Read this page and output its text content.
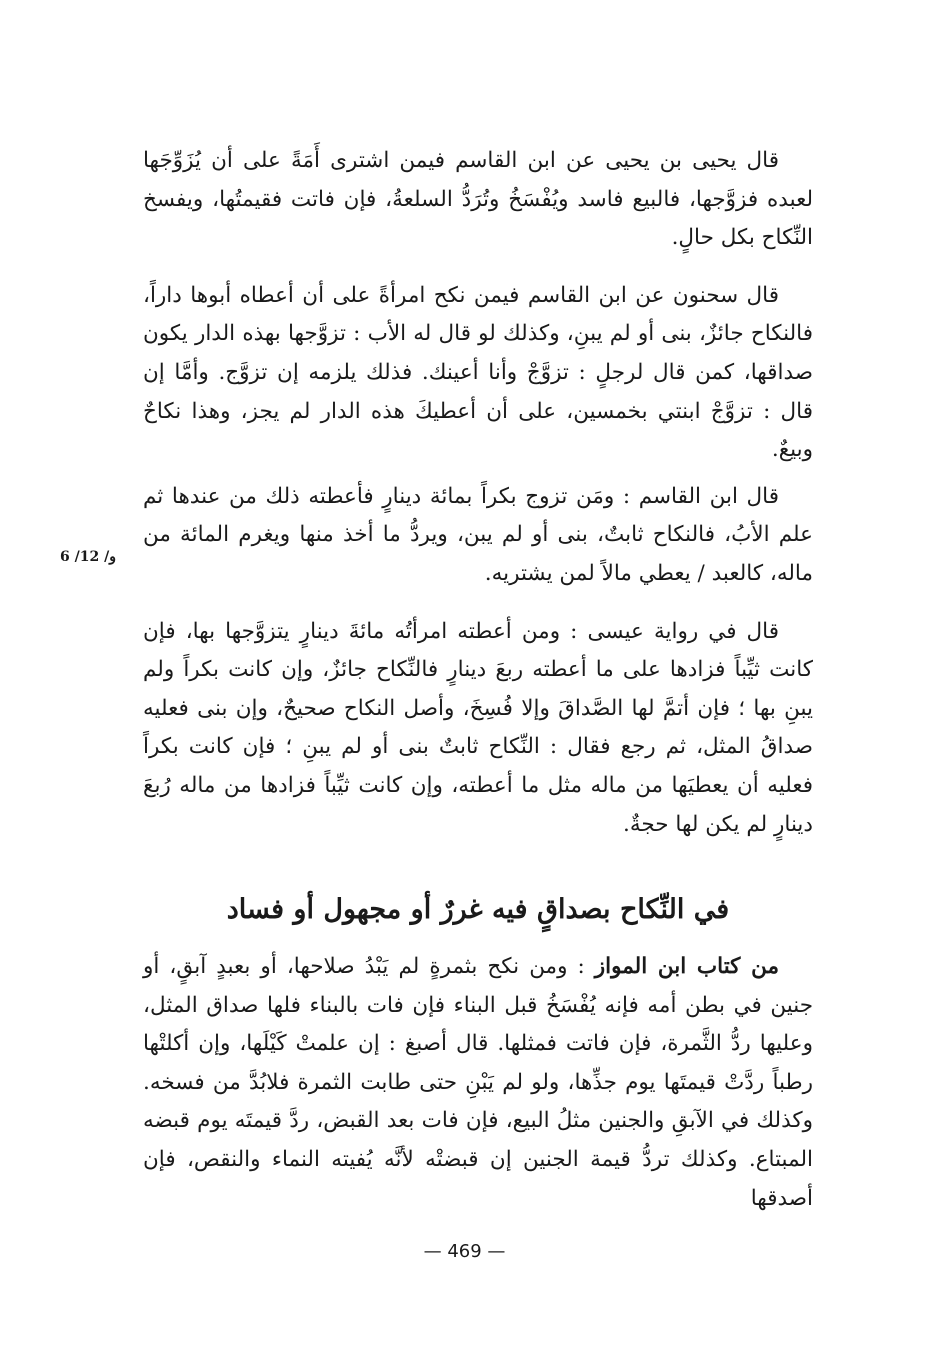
قال يحيى بن يحيى عن ابن القاسم فيمن اشترى أَمَةً على أن يُزَوِّجَها لعبده فزوَّجها، فالبيع فاسد ويُفْسَخُ وتُرَدُّ السلعةُ، فإن فاتت فقيمتُها، ويفسخ النِّكاح بكل حالٍ.

قال سحنون عن ابن القاسم فيمن نكح امرأةً على أن أعطاه أبوها داراً، فالنكاح جائزٌ، بنى أو لم يبنِ، وكذلك لو قال له الأب : تزوَّجها بهذه الدار يكون صداقها، كمن قال لرجلٍ : تزوَّجْ وأنا أعينك. فذلك يلزمه إن تزوَّج. وأمَّا إن قال : تزوَّجْ ابنتي بخمسين، على أن أعطيكَ هذه الدار لم يجز، وهذا نكاحٌ وبيعٌ.

قال ابن القاسم : ومَن تزوج بكراً بمائة دينارٍ فأعطته ذلك من عندها ثم علم الأبُ، فالنكاح ثابتٌ، بنى أو لم يبن، ويردُّ ما أخذ منها ويغرم المائة من ماله، كالعبد / يعطي مالاً لمن يشتريه.

قال في رواية عيسى : ومن أعطته امرأتُه مائةَ دينارٍ يتزوَّجها بها، فإن كانت ثيِّباً فزادها على ما أعطته ربعَ دينارٍ فالنِّكاح جائزٌ، وإن كانت بكراً ولم يبنِ بها ؛ فإن أتمَّ لها الصَّداقَ وإلا فُسِخَ، وأصل النكاح صحيحٌ، وإن بنى فعليه صداقُ المثل، ثم رجع فقال : النِّكاح ثابتٌ بنى أو لم يبنِ ؛ فإن كانت بكراً فعليه أن يعطيَها من ماله مثل ما أعطته، وإن كانت ثيِّباً فزادها من ماله رُبعَ دينارٍ لم يكن لها حجةٌ.

6 /12 /و
في النِّكاح بصداقٍ فيه غررٌ أو مجهول أو فساد

من كتاب ابن المواز : ومن نكح بثمرةٍ لم يَبْدُ صلاحها، أو بعبدٍ آبقٍ، أو جنين في بطن أمه فإنه يُفْسَخُ قبل البناء فإن فات بالبناء فلها صداق المثل، وعليها ردُّ الثَّمرة، فإن فاتت فمثلها. قال أصبغ : إن علمتْ كَيْلَها، وإن أكلتْها رطباً ردَّتْ قيمتَها يوم جذِّها، ولو لم يَبْنِ حتى طابت الثمرة فلابُدَّ من فسخه. وكذلك في الآبقِ والجنين مثلُ البيع، فإن فات بعد القبض، ردَّ قيمتَه يوم قبضه المبتاع. وكذلك تردُّ قيمة الجنين إن قبضتْه لأنَّه يُفيته النماء والنقص، فإن أصدقها

— 469 —
